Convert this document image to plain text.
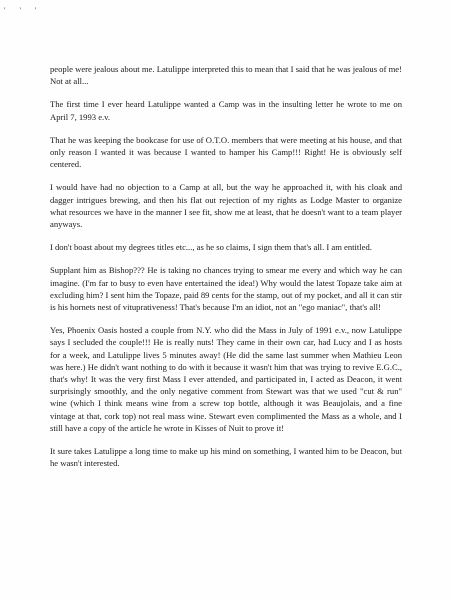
' ' '

people were jealous about me. Latulippe interpreted this to mean that I said that he was jealous of me! Not at all...

The first time I ever heard Latulippe wanted a Camp was in the insulting letter he wrote to me on April 7, 1993 e.v.

That he was keeping the bookcase for use of O.T.O. members that were meeting at his house, and that only reason I wanted it was because I wanted to hamper his Camp!!! Right! He is obviously self centered.

I would have had no objection to a Camp at all, but the way he approached it, with his cloak and dagger intrigues brewing, and then his flat out rejection of my rights as Lodge Master to organize what resources we have in the manner I see fit, show me at least, that he doesn't want to a team player anyways.

I don't boast about my degrees titles etc..., as he so claims, I sign them that's all. I am entitled.

Supplant him as Bishop??? He is taking no chances trying to smear me every and which way he can imagine. (I'm far to busy to even have entertained the idea!) Why would the latest Topaze take aim at excluding him? I sent him the Topaze, paid 89 cents for the stamp, out of my pocket, and all it can stir is his hornets nest of vituprativeness! That's because I'm an idiot, not an "ego maniac", that's all!

Yes, Phoenix Oasis hosted a couple from N.Y. who did the Mass in July of 1991 e.v., now Latulippe says I secluded the couple!!! He is really nuts! They came in their own car, had Lucy and I as hosts for a week, and Latulippe lives 5 minutes away! (He did the same last summer when Mathieu Leon was here.) He didn't want nothing to do with it because it wasn't him that was trying to revive E.G.C., that's why! It was the very first Mass I ever attended, and participated in, I acted as Deacon, it went surprisingly smoothly, and the only negative comment from Stewart was that we used "cut & run" wine (which I think means wine from a screw top bottle, although it was Beaujolais, and a fine vintage at that, cork top) not real mass wine. Stewart even complimented the Mass as a whole, and I still have a copy of the article he wrote in Kisses of Nuit to prove it!

It sure takes Latulippe a long time to make up his mind on something, I wanted him to be Deacon, but he wasn't interested.
